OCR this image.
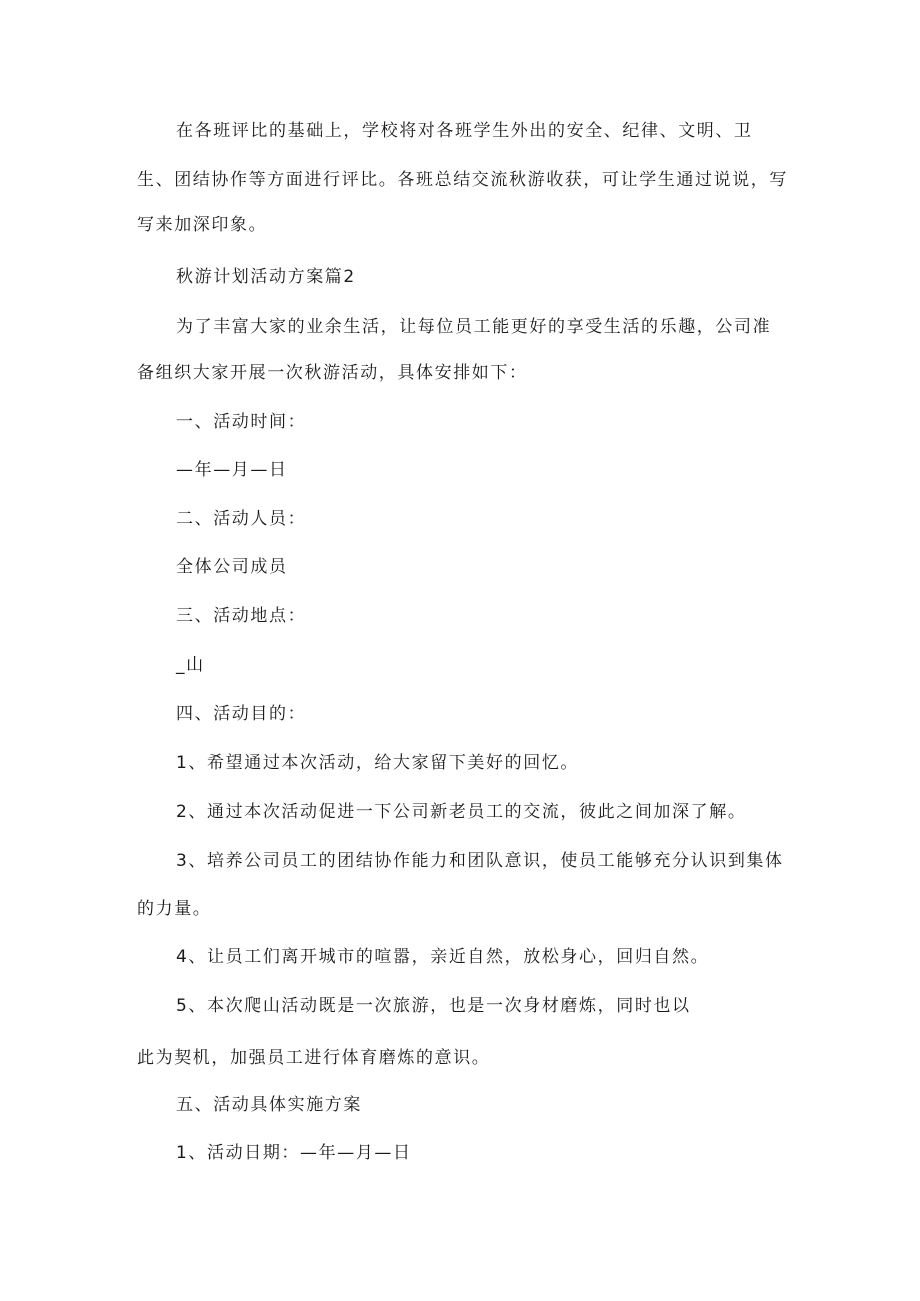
在各班评比的基础上，学校将对各班学生外出的安全、纪律、文明、卫
生、团结协作等方面进行评比。各班总结交流秋游收获，可让学生通过说说，写
写来加深印象。
秋游计划活动方案篇2
为了丰富大家的业余生活，让每位员工能更好的享受生活的乐趣，公司准
备组织大家开展一次秋游活动，具体安排如下：
一、活动时间：
—年—月—日
二、活动人员：
全体公司成员
三、活动地点：
_山
四、活动目的：
1、希望通过本次活动，给大家留下美好的回忆。
2、通过本次活动促进一下公司新老员工的交流，彼此之间加深了解。
3、培养公司员工的团结协作能力和团队意识，使员工能够充分认识到集体
的力量。
4、让员工们离开城市的喧嚣，亲近自然，放松身心，回归自然。
5、本次爬山活动既是一次旅游，也是一次身材磨炼，同时也以
此为契机，加强员工进行体育磨炼的意识。
五、活动具体实施方案
1、活动日期：—年—月—日
